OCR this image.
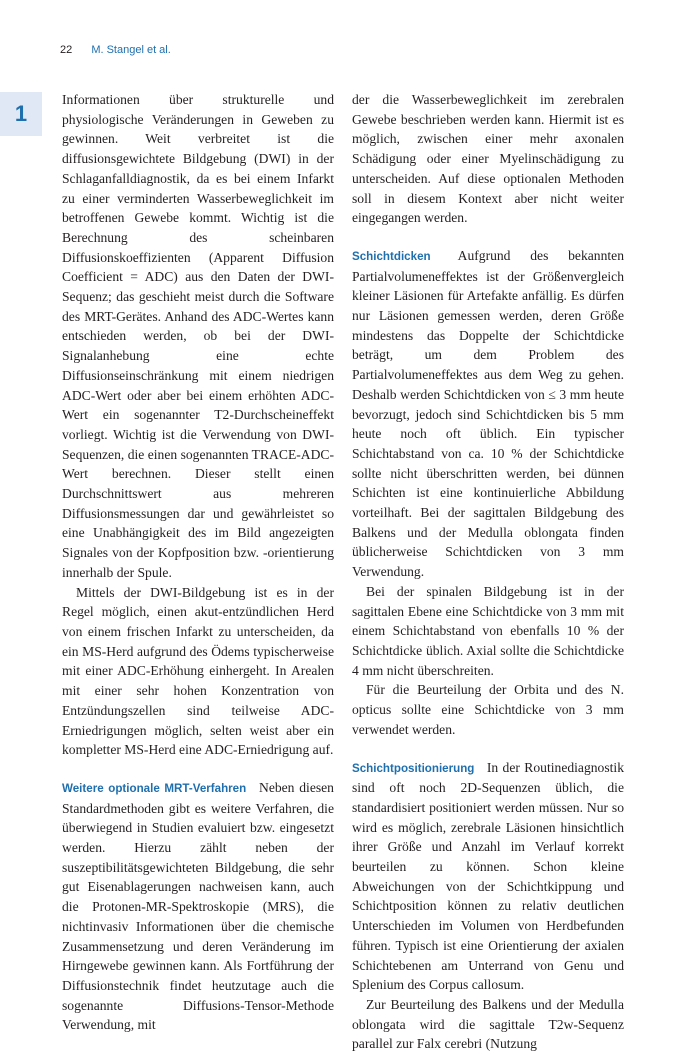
22 M. Stangel et al.
1

Informationen über strukturelle und physiologische Veränderungen in Geweben zu gewinnen. Weit verbreitet ist die diffusionsgewichtete Bildgebung (DWI) in der Schlaganfalldiagnostik, da es bei einem Infarkt zu einer verminderten Wasserbeweglichkeit im betroffenen Gewebe kommt. Wichtig ist die Berechnung des scheinbaren Diffusionskoeffizienten (Apparent Diffusion Coefficient = ADC) aus den Daten der DWI-Sequenz; das geschieht meist durch die Software des MRT-Gerätes. Anhand des ADC-Wertes kann entschieden werden, ob bei der DWI-Signalanhebung eine echte Diffusionseinschränkung mit einem niedrigen ADC-Wert oder aber bei einem erhöhten ADC-Wert ein sogenannter T2-Durchscheineffekt vorliegt. Wichtig ist die Verwendung von DWI-Sequenzen, die einen sogenannten TRACE-ADC-Wert berechnen. Dieser stellt einen Durchschnittswert aus mehreren Diffusionsmessungen dar und gewährleistet so eine Unabhängigkeit des im Bild angezeigten Signales von der Kopfposition bzw. -orientierung innerhalb der Spule.

Mittels der DWI-Bildgebung ist es in der Regel möglich, einen akut-entzündlichen Herd von einem frischen Infarkt zu unterscheiden, da ein MS-Herd aufgrund des Ödems typischerweise mit einer ADC-Erhöhung einhergeht. In Arealen mit einer sehr hohen Konzentration von Entzündungszellen sind teilweise ADC-Erniedrigungen möglich, selten weist aber ein kompletter MS-Herd eine ADC-Erniedrigung auf.

Weitere optionale MRT-Verfahren Neben diesen Standardmethoden gibt es weitere Verfahren, die überwiegend in Studien evaluiert bzw. eingesetzt werden. Hierzu zählt neben der suszeptibilitätsgewichteten Bildgebung, die sehr gut Eisenablagerungen nachweisen kann, auch die Protonen-MR-Spektroskopie (MRS), die nichtinvasiv Informationen über die chemische Zusammensetzung und deren Veränderung im Hirngewebe gewinnen kann. Als Fortführung der Diffusionstechnik findet heutzutage auch die sogenannte Diffusions-Tensor-Methode Verwendung, mit

der die Wasserbeweglichkeit im zerebralen Gewebe beschrieben werden kann. Hiermit ist es möglich, zwischen einer mehr axonalen Schädigung oder einer Myelinschädigung zu unterscheiden. Auf diese optionalen Methoden soll in diesem Kontext aber nicht weiter eingegangen werden.

Schichtdicken Aufgrund des bekannten Partialvolumeneffektes ist der Größenvergleich kleiner Läsionen für Artefakte anfällig. Es dürfen nur Läsionen gemessen werden, deren Größe mindestens das Doppelte der Schichtdicke beträgt, um dem Problem des Partialvolumeneffektes aus dem Weg zu gehen. Deshalb werden Schichtdicken von ≤ 3 mm heute bevorzugt, jedoch sind Schichtdicken bis 5 mm heute noch oft üblich. Ein typischer Schichtabstand von ca. 10 % der Schichtdicke sollte nicht überschritten werden, bei dünnen Schichten ist eine kontinuierliche Abbildung vorteilhaft. Bei der sagittalen Bildgebung des Balkens und der Medulla oblongata finden üblicherweise Schichtdicken von 3 mm Verwendung.

Bei der spinalen Bildgebung ist in der sagittalen Ebene eine Schichtdicke von 3 mm mit einem Schichtabstand von ebenfalls 10 % der Schichtdicke üblich. Axial sollte die Schichtdicke 4 mm nicht überschreiten.

Für die Beurteilung der Orbita und des N. opticus sollte eine Schichtdicke von 3 mm verwendet werden.

Schichtpositionierung In der Routinediagnostik sind oft noch 2D-Sequenzen üblich, die standardisiert positioniert werden müssen. Nur so wird es möglich, zerebrale Läsionen hinsichtlich ihrer Größe und Anzahl im Verlauf korrekt beurteilen zu können. Schon kleine Abweichungen von der Schichtkippung und Schichtposition können zu relativ deutlichen Unterschieden im Volumen von Herdbefunden führen. Typisch ist eine Orientierung der axialen Schichtebenen am Unterrand von Genu und Splenium des Corpus callosum.

Zur Beurteilung des Balkens und der Medulla oblongata wird die sagittale T2w-Sequenz parallel zur Falx cerebri (Nutzung
